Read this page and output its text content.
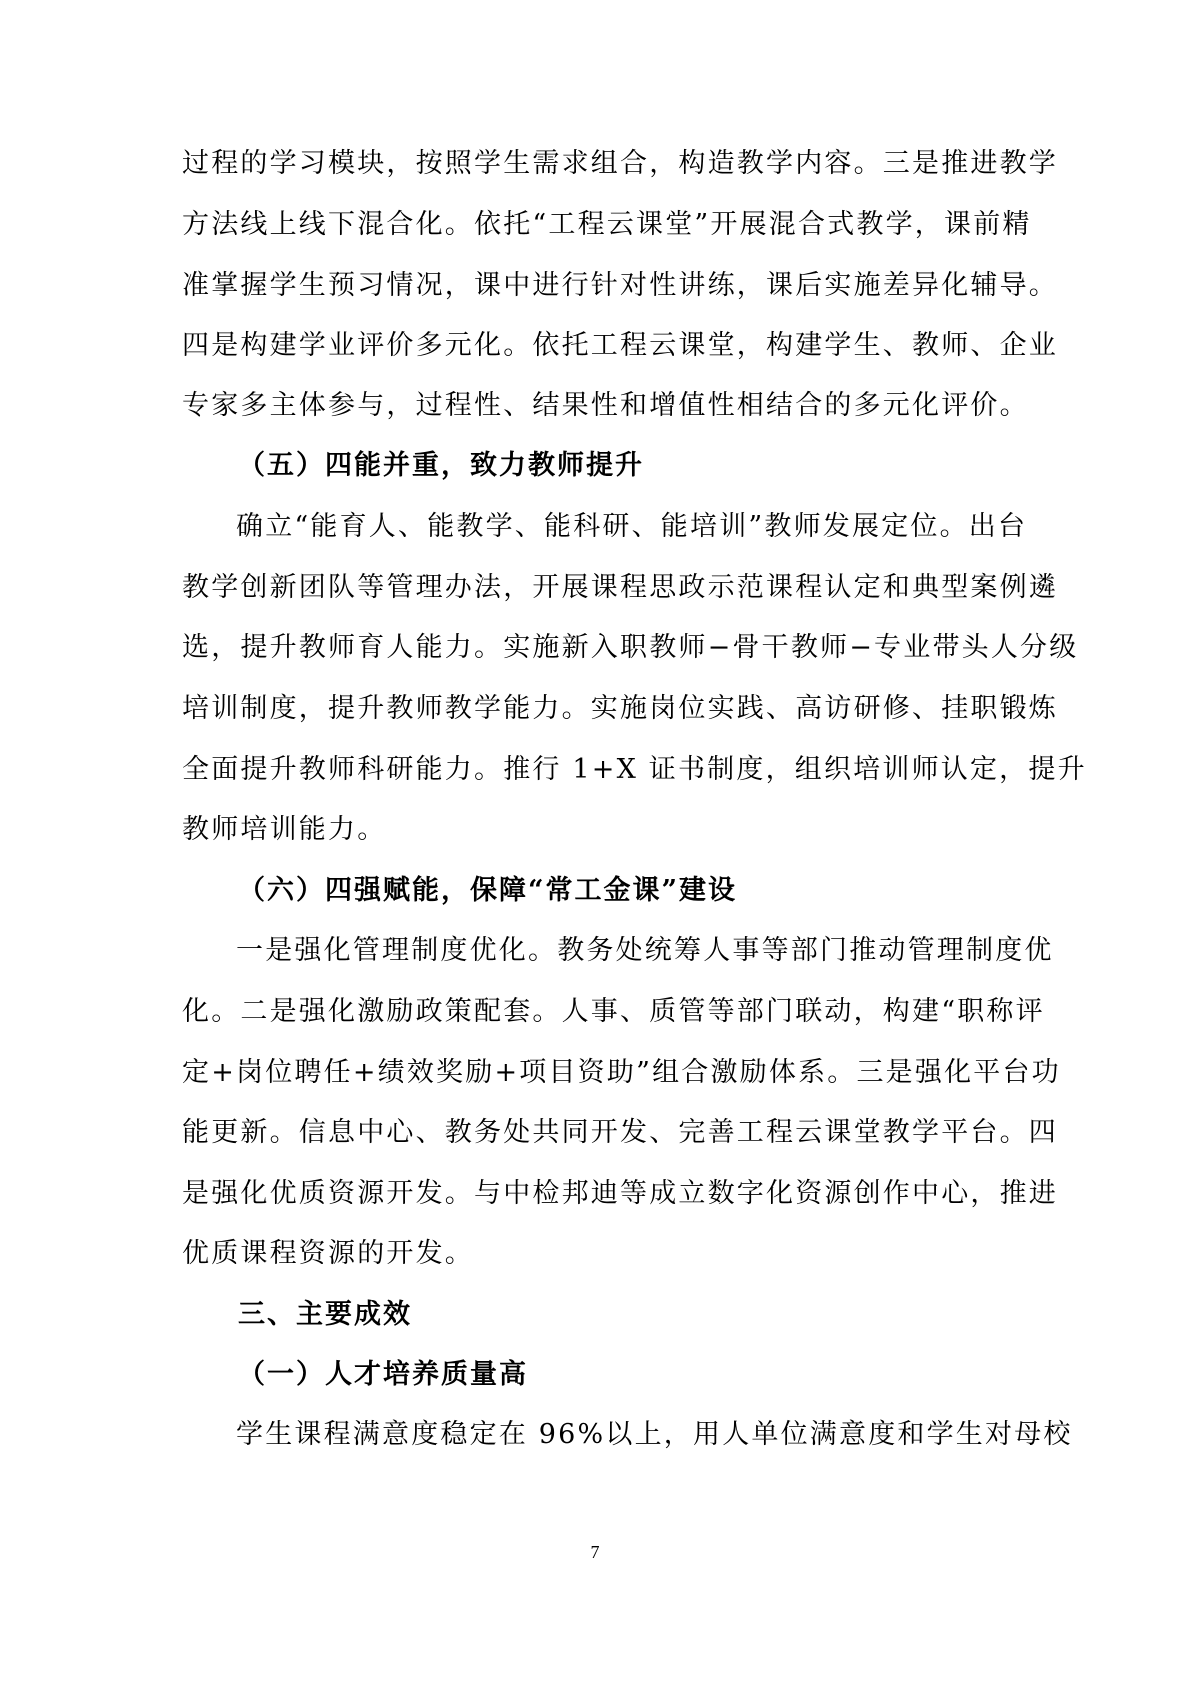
过程的学习模块，按照学生需求组合，构造教学内容。三是推进教学
方法线上线下混合化。依托“工程云课堂”开展混合式教学，课前精
准掌握学生预习情况，课中进行针对性讲练，课后实施差异化辅导。
四是构建学业评价多元化。依托工程云课堂，构建学生、教师、企业
专家多主体参与，过程性、结果性和增值性相结合的多元化评价。
（五）四能并重，致力教师提升
确立“能育人、能教学、能科研、能培训”教师发展定位。出台
教学创新团队等管理办法，开展课程思政示范课程认定和典型案例遴
选，提升教师育人能力。实施新入职教师−骨干教师−专业带头人分级
培训制度，提升教师教学能力。实施岗位实践、高访研修、挂职锻炼
全面提升教师科研能力。推行 1+X 证书制度，组织培训师认定，提升
教师培训能力。
（六）四强赋能，保障“常工金课”建设
一是强化管理制度优化。教务处统筹人事等部门推动管理制度优
化。二是强化激励政策配套。人事、质管等部门联动，构建“职称评
定+岗位聘任+绩效奖励+项目资助”组合激励体系。三是强化平台功
能更新。信息中心、教务处共同开发、完善工程云课堂教学平台。四
是强化优质资源开发。与中检邦迪等成立数字化资源创作中心，推进
优质课程资源的开发。
三、主要成效
（一）人才培养质量高
学生课程满意度稳定在 96%以上，用人单位满意度和学生对母校
7
